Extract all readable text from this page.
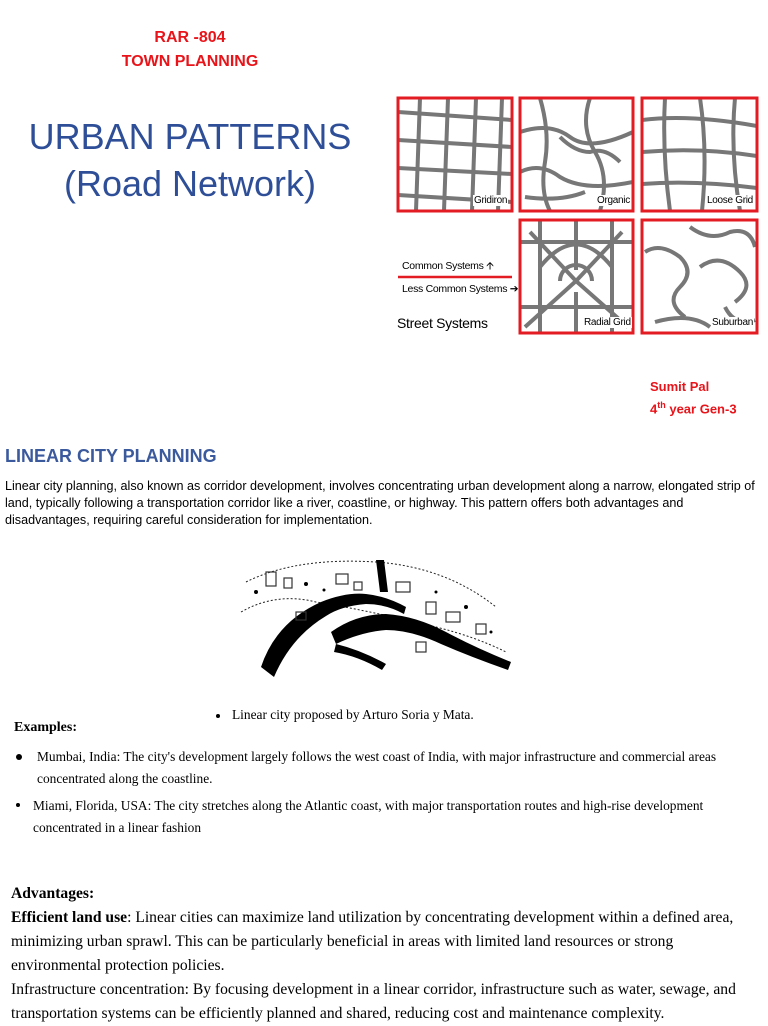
RAR -804
TOWN PLANNING
URBAN PATTERNS
(Road Network)	Gridiron	Organic	Loose Grid
Radial Grid	Suburban
Common Systems 🡩
Less Common Systems ➔
Street Systems
Sumit Pal
4th year Gen-3
LINEAR CITY PLANNING
Linear city planning, also known as corridor development, involves concentrating urban development along a narrow, elongated strip of land, typically following a transportation corridor like a river, coastline, or highway. This pattern offers both advantages and disadvantages, requiring careful consideration for implementation.
Linear city proposed by Arturo Soria y Mata.
Examples:
Mumbai, India: The city's development largely follows the west coast of India, with major infrastructure and commercial areas concentrated along the coastline.
Miami, Florida, USA: The city stretches along the Atlantic coast, with major transportation routes and high-rise development concentrated in a linear fashion
Advantages:
Efficient land use: Linear cities can maximize land utilization by concentrating development within a defined area, minimizing urban sprawl. This can be particularly beneficial in areas with limited land resources or strong environmental protection policies.
Infrastructure concentration: By focusing development in a linear corridor, infrastructure such as water, sewage, and transportation systems can be efficiently planned and shared, reducing cost and maintenance complexity.
